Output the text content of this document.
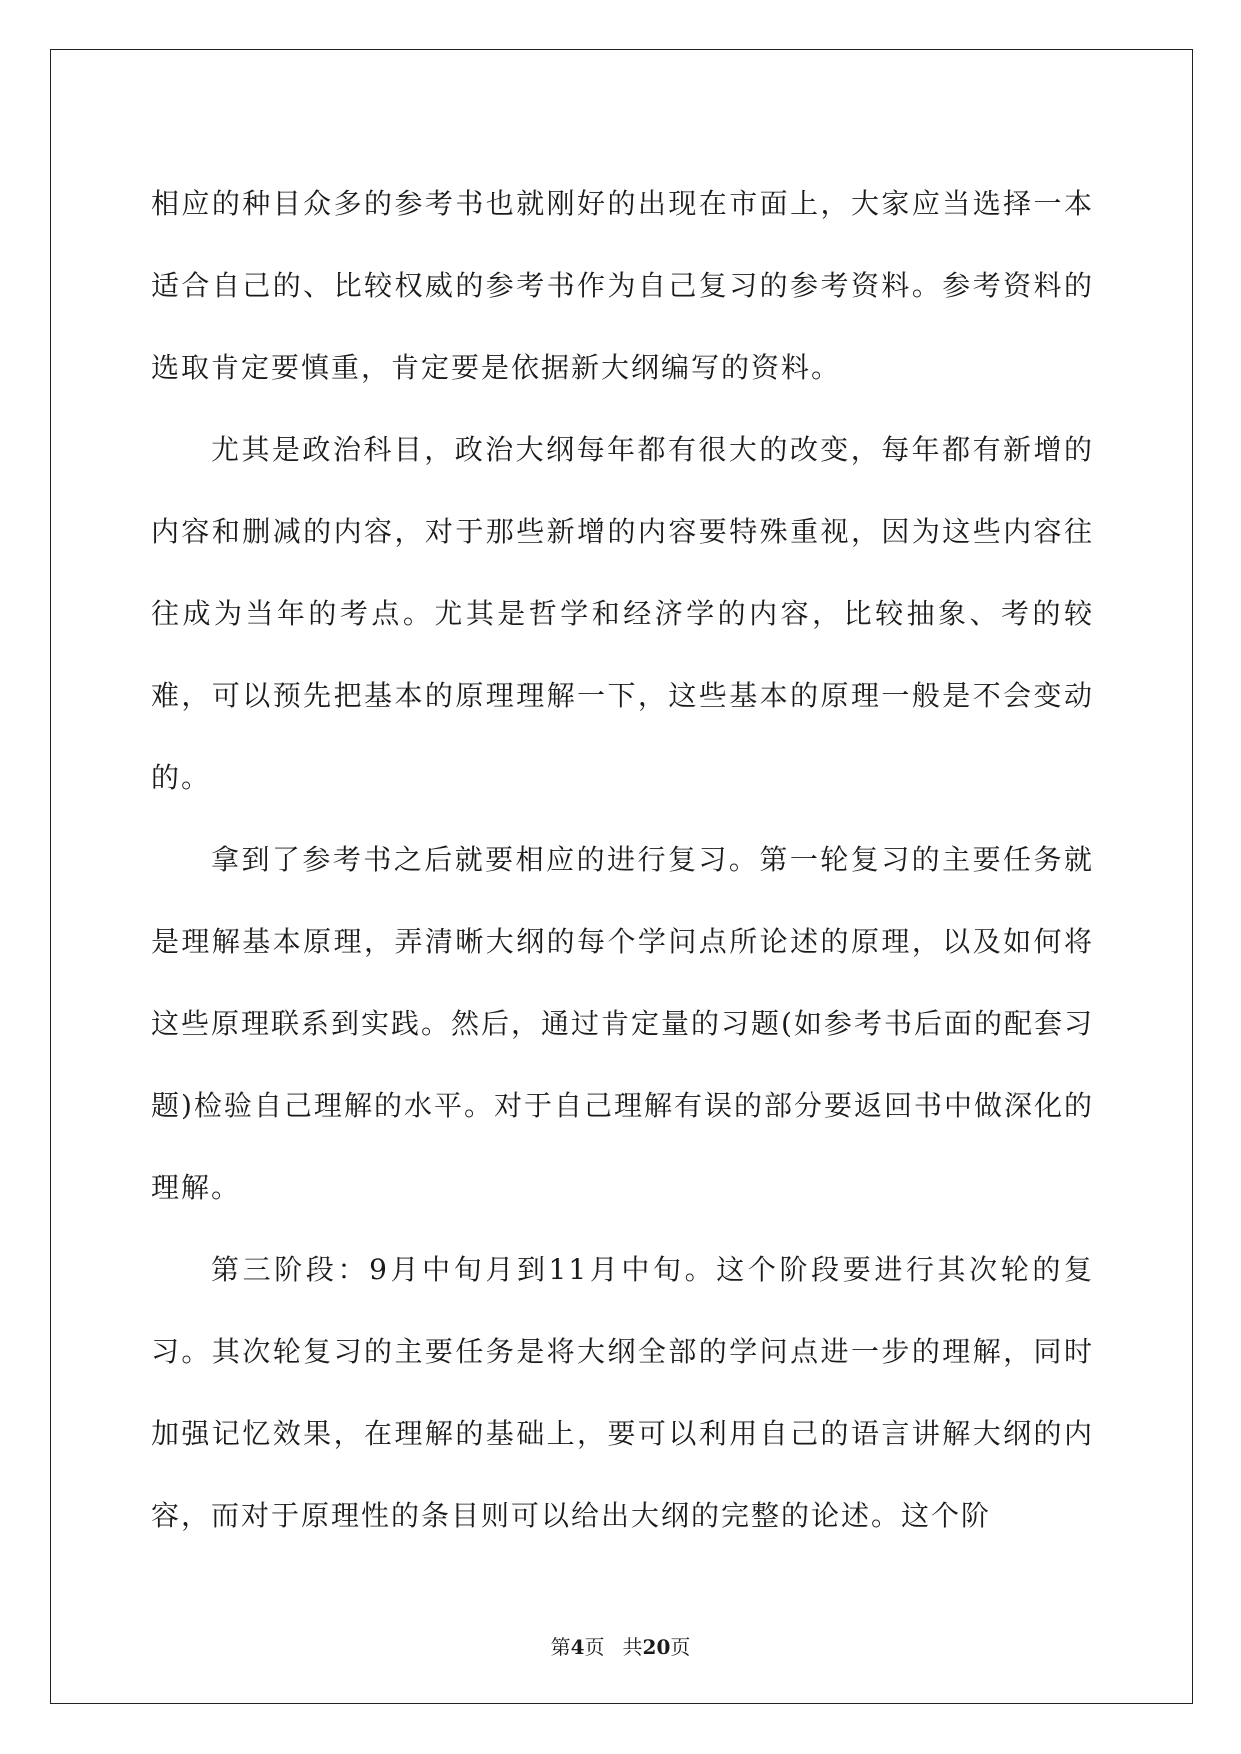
相应的种目众多的参考书也就刚好的出现在市面上，大家应当选择一本适合自己的、比较权威的参考书作为自己复习的参考资料。参考资料的选取肯定要慎重，肯定要是依据新大纲编写的资料。

尤其是政治科目，政治大纲每年都有很大的改变，每年都有新增的内容和删减的内容，对于那些新增的内容要特殊重视，因为这些内容往往成为当年的考点。尤其是哲学和经济学的内容，比较抽象、考的较难，可以预先把基本的原理理解一下，这些基本的原理一般是不会变动的。

拿到了参考书之后就要相应的进行复习。第一轮复习的主要任务就是理解基本原理，弄清晰大纲的每个学问点所论述的原理，以及如何将这些原理联系到实践。然后，通过肯定量的习题(如参考书后面的配套习题)检验自己理解的水平。对于自己理解有误的部分要返回书中做深化的理解。

第三阶段：9月中旬月到11月中旬。这个阶段要进行其次轮的复习。其次轮复习的主要任务是将大纲全部的学问点进一步的理解，同时加强记忆效果，在理解的基础上，要可以利用自己的语言讲解大纲的内容，而对于原理性的条目则可以给出大纲的完整的论述。这个阶

第4页 共20页
